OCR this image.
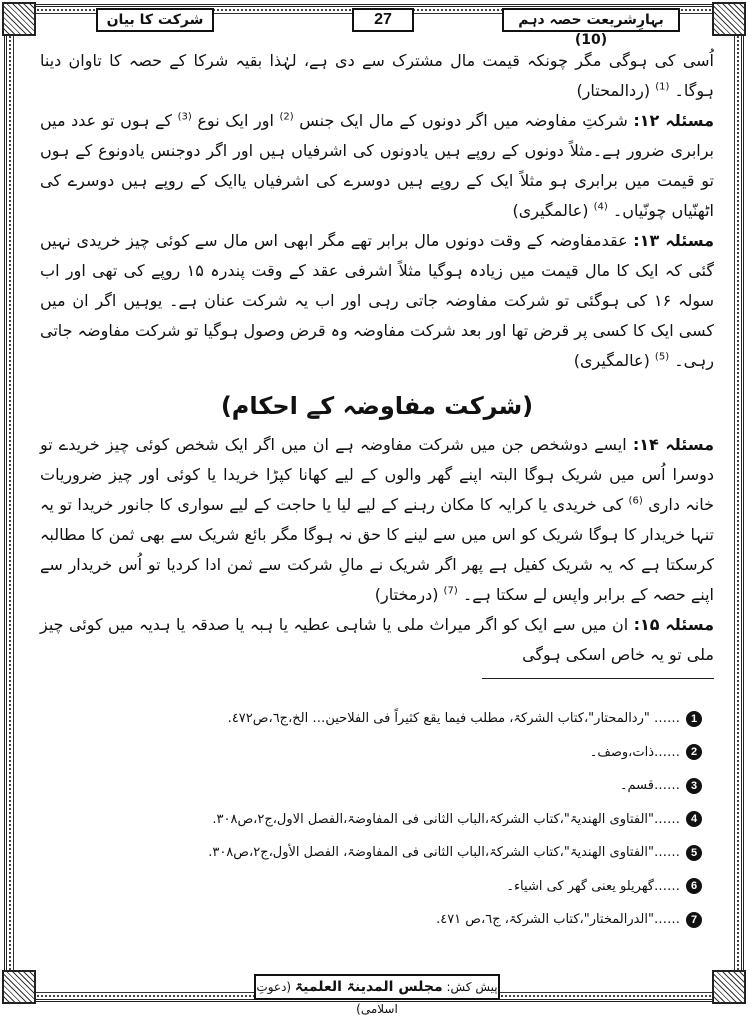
شرکت کا بیان	27	بہارِشریعت حصہ دہم (10)

اُسی کی ہوگی مگر چونکہ قیمت مال مشترک سے دی ہے، لہٰذا بقیہ شرکا کے حصہ کا تاوان دینا ہوگا۔ $^{(1)}$ (ردالمحتار)

مسئلہ ۱۲: شرکتِ مفاوضہ میں اگر دونوں کے مال ایک جنس $^{(2)}$ اور ایک نوع $^{(3)}$ کے ہوں تو عدد میں برابری ضرور ہے۔مثلاً دونوں کے روپے ہیں یادونوں کی اشرفیاں ہیں اور اگر دوجنس یادونوع کے ہوں تو قیمت میں برابری ہو مثلاً ایک کے روپے ہیں دوسرے کی اشرفیاں یاایک کے روپے ہیں دوسرے کی اٹھنّیاں چونّیاں۔ $^{(4)}$ (عالمگیری)

مسئلہ ۱۳: عقدمفاوضہ کے وقت دونوں مال برابر تھے مگر ابھی اس مال سے کوئی چیز خریدی نہیں گئی کہ ایک کا مال قیمت میں زیادہ ہوگیا مثلاً اشرفی عقد کے وقت پندرہ ۱۵ روپے کی تھی اور اب سولہ ۱۶ کی ہوگئی تو شرکت مفاوضہ جاتی رہی اور اب یہ شرکت عنان ہے۔ یوہیں اگر ان میں کسی ایک کا کسی پر قرض تھا اور بعد شرکت مفاوضہ وہ قرض وصول ہوگیا تو شرکت مفاوضہ جاتی رہی۔ $^{(5)}$ (عالمگیری)

(شرکت مفاوضہ کے احکام)

مسئلہ ۱۴: ایسے دوشخص جن میں شرکت مفاوضہ ہے ان میں اگر ایک شخص کوئی چیز خریدے تو دوسرا اُس میں شریک ہوگا البتہ اپنے گھر والوں کے لیے کھانا کپڑا خریدا یا کوئی اور چیز ضروریات خانہ داری $^{(6)}$ کی خریدی یا کرایہ کا مکان رہنے کے لیے لیا یا حاجت کے لیے سواری کا جانور خریدا تو یہ تنہا خریدار کا ہوگا شریک کو اس میں سے لینے کا حق نہ ہوگا مگر بائع شریک سے بھی ثمن کا مطالبہ کرسکتا ہے کہ یہ شریک کفیل ہے پھر اگر شریک نے مالِ شرکت سے ثمن ادا کردیا تو اُس خریدار سے اپنے حصہ کے برابر واپس لے سکتا ہے۔ $^{(7)}$ (درمختار)

مسئلہ ۱۵: ان میں سے ایک کو اگر میراث ملی یا شاہی عطیہ یا ہبہ یا صدقہ یا ہدیہ میں کوئی چیز ملی تو یہ خاص اسکی ہوگی

1
…… "ردالمحتار"،کتاب الشرکۃ، مطلب فیما یقع کثیراً فی الفلاحین… الخ،ج٦،ص٤٧٢.
2
……ذات،وصف۔
3
……قسم۔
4
……"الفتاوی الھندیۃ"،کتاب الشرکۃ،الباب الثانی فی المفاوضۃ،الفصل الاول،ج٢،ص٣٠٨.
5
……"الفتاوی الھندیۃ"،کتاب الشرکۃ،الباب الثانی فی المفاوضۃ، الفصل الأول،ج٢،ص٣٠٨.
6
……گھریلو یعنی گھر کی اشیاء۔
7
……"الدرالمختار"،کتاب الشرکۃ، ج٦،ص ٤٧١.
پیش کش: مجلس المدینۃ العلمیۃ (دعوتِ اسلامی)
